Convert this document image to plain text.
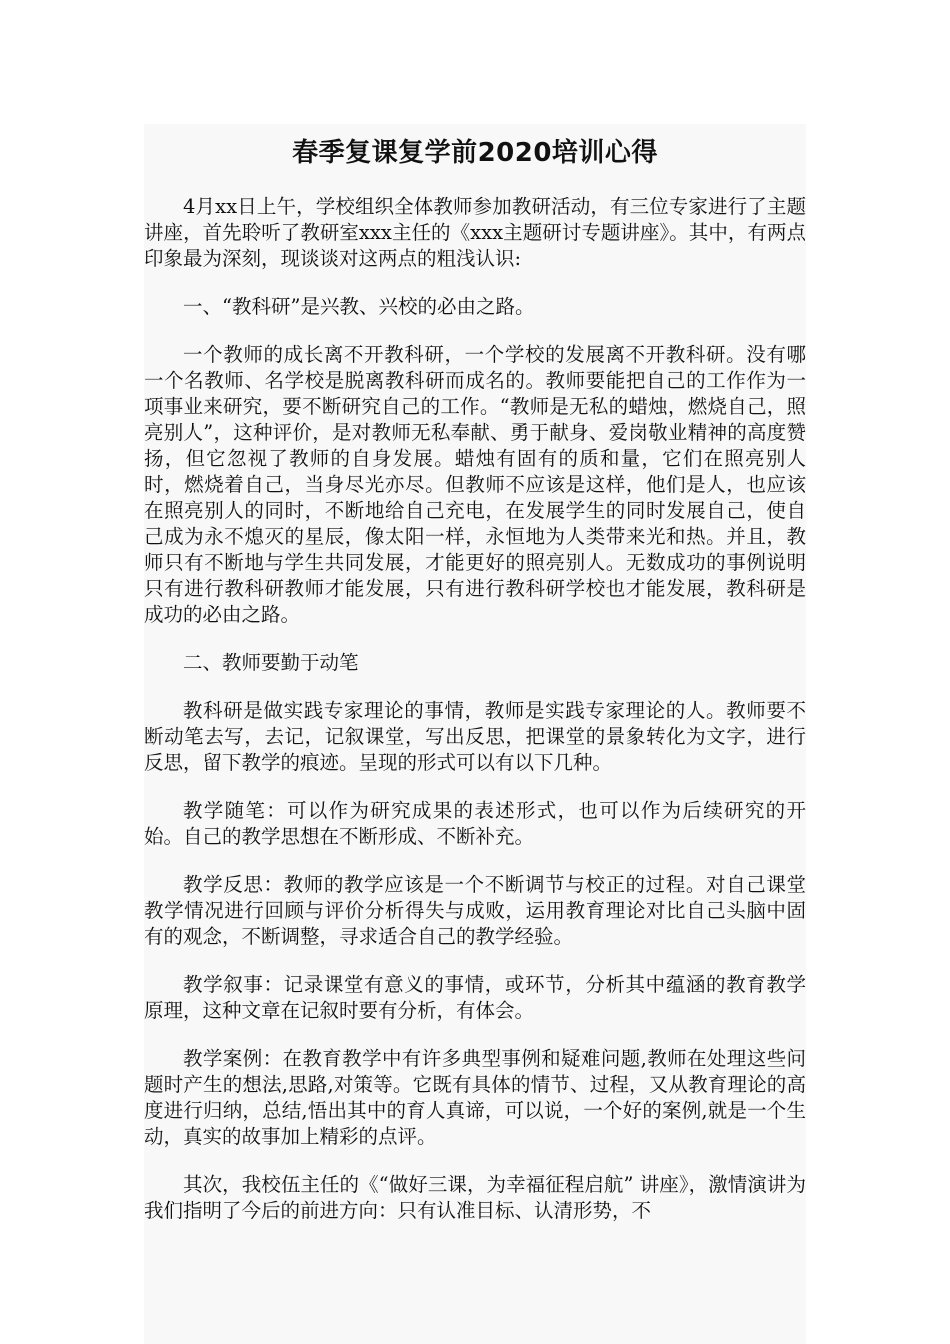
春季复课复学前2020培训心得

4月xx日上午，学校组织全体教师参加教研活动，有三位专家进行了主题讲座，首先聆听了教研室xxx主任的《xxx主题研讨专题讲座》。其中，有两点印象最为深刻，现谈谈对这两点的粗浅认识:

一、“教科研”是兴教、兴校的必由之路。

一个教师的成长离不开教科研，一个学校的发展离不开教科研。没有哪一个名教师、名学校是脱离教科研而成名的。教师要能把自己的工作作为一项事业来研究，要不断研究自己的工作。“教师是无私的蜡烛，燃烧自己，照亮别人”，这种评价，是对教师无私奉献、勇于献身、爱岗敬业精神的高度赞扬，但它忽视了教师的自身发展。蜡烛有固有的质和量，它们在照亮别人时，燃烧着自己，当身尽光亦尽。但教师不应该是这样，他们是人，也应该在照亮别人的同时，不断地给自己充电，在发展学生的同时发展自己，使自己成为永不熄灭的星辰，像太阳一样，永恒地为人类带来光和热。并且，教师只有不断地与学生共同发展，才能更好的照亮别人。无数成功的事例说明只有进行教科研教师才能发展，只有进行教科研学校也才能发展，教科研是成功的必由之路。

二、教师要勤于动笔

教科研是做实践专家理论的事情，教师是实践专家理论的人。教师要不断动笔去写，去记，记叙课堂，写出反思，把课堂的景象转化为文字，进行反思，留下教学的痕迹。呈现的形式可以有以下几种。

教学随笔：可以作为研究成果的表述形式，也可以作为后续研究的开始。自己的教学思想在不断形成、不断补充。

教学反思：教师的教学应该是一个不断调节与校正的过程。对自己课堂教学情况进行回顾与评价分析得失与成败，运用教育理论对比自己头脑中固有的观念，不断调整，寻求适合自己的教学经验。

教学叙事：记录课堂有意义的事情，或环节，分析其中蕴涵的教育教学原理，这种文章在记叙时要有分析，有体会。

教学案例：在教育教学中有许多典型事例和疑难问题,教师在处理这些问题时产生的想法,思路,对策等。它既有具体的情节、过程，又从教育理论的高度进行归纳，总结,悟出其中的育人真谛，可以说，一个好的案例,就是一个生动，真实的故事加上精彩的点评。

其次，我校伍主任的《“做好三课，为幸福征程启航” 讲座》，激情演讲为我们指明了今后的前进方向：只有认准目标、认清形势，不
